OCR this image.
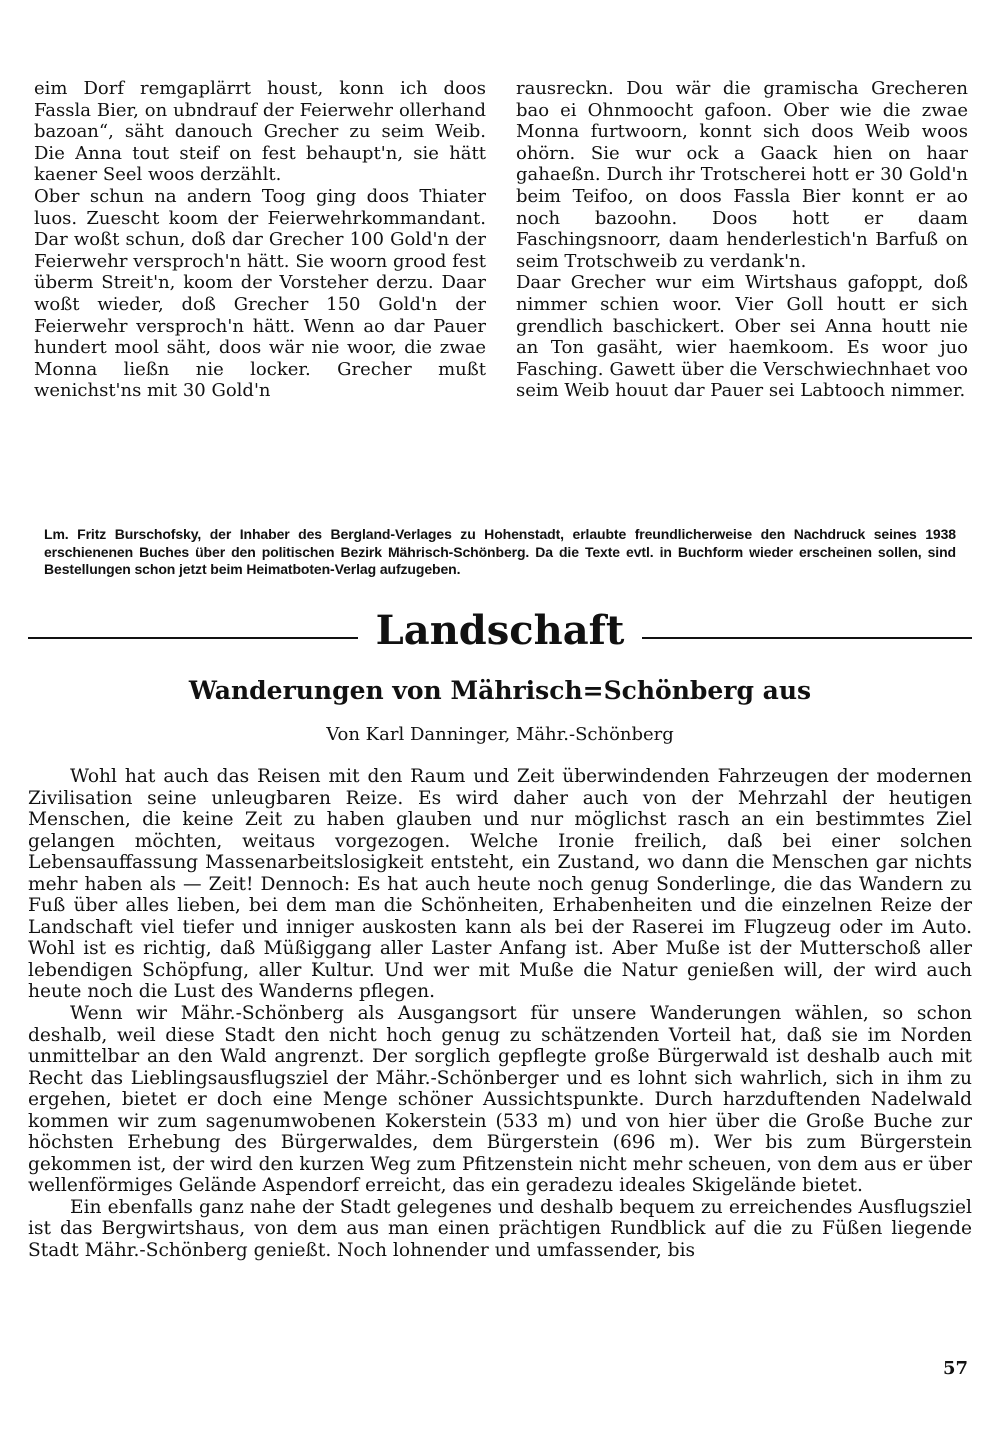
eim Dorf remgaplärrt houst, konn ich doos Fassla Bier, on ubndrauf der Feierwehr ollerhand bazoan“, säht danouch Grecher zu seim Weib. Die Anna tout steif on fest behaupt'n, sie hätt kaener Seel woos derzählt.

Ober schun na andern Toog ging doos Thiater luos. Zuescht koom der Feierwehrkommandant. Dar woßt schun, doß dar Grecher 100 Gold'n der Feierwehr versproch'n hätt. Sie woorn grood fest überm Streit'n, koom der Vorsteher derzu. Daar woßt wieder, doß Grecher 150 Gold'n der Feierwehr versproch'n hätt. Wenn ao dar Pauer hundert mool säht, doos wär nie woor, die zwae Monna ließn nie locker. Grecher mußt wenichst'ns mit 30 Gold'n

rausreckn. Dou wär die gramischa Grecheren bao ei Ohnmoocht gafoon. Ober wie die zwae Monna furtwoorn, konnt sich doos Weib woos ohörn. Sie wur ock a Gaack hien on haar gahaeßn. Durch ihr Trotscherei hott er 30 Gold'n beim Teifoo, on doos Fassla Bier konnt er ao noch bazoohn. Doos hott er daam Faschingsnoorr, daam henderlestich'n Barfuß on seim Trotschweib zu verdank'n.

Daar Grecher wur eim Wirtshaus gafoppt, doß nimmer schien woor. Vier Goll houtt er sich grendlich baschickert. Ober sei Anna houtt nie an Ton gasäht, wier haemkoom. Es woor juo Fasching. Gawett über die Verschwiechnhaet voo seim Weib houut dar Pauer sei Labtooch nimmer.

Lm. Fritz Burschofsky, der Inhaber des Bergland-Verlages zu Hohenstadt, erlaubte freundlicherweise den Nachdruck seines 1938 erschienenen Buches über den politischen Bezirk Mährisch-Schönberg. Da die Texte evtl. in Buchform wieder erscheinen sollen, sind Bestellungen schon jetzt beim Heimatboten-Verlag aufzugeben.
Landschaft
Wanderungen von Mährisch=Schönberg aus
Von Karl Danninger, Mähr.-Schönberg

Wohl hat auch das Reisen mit den Raum und Zeit überwindenden Fahrzeugen der modernen Zivilisation seine unleugbaren Reize. Es wird daher auch von der Mehrzahl der heutigen Menschen, die keine Zeit zu haben glauben und nur möglichst rasch an ein bestimmtes Ziel gelangen möchten, weitaus vorgezogen. Welche Ironie freilich, daß bei einer solchen Lebensauffassung Massenarbeitslosigkeit entsteht, ein Zustand, wo dann die Menschen gar nichts mehr haben als — Zeit! Dennoch: Es hat auch heute noch genug Sonderlinge, die das Wandern zu Fuß über alles lieben, bei dem man die Schönheiten, Erhabenheiten und die einzelnen Reize der Landschaft viel tiefer und inniger auskosten kann als bei der Raserei im Flugzeug oder im Auto. Wohl ist es richtig, daß Müßiggang aller Laster Anfang ist. Aber Muße ist der Mutterschoß aller lebendigen Schöpfung, aller Kultur. Und wer mit Muße die Natur genießen will, der wird auch heute noch die Lust des Wanderns pflegen.

Wenn wir Mähr.-Schönberg als Ausgangsort für unsere Wanderungen wählen, so schon deshalb, weil diese Stadt den nicht hoch genug zu schätzenden Vorteil hat, daß sie im Norden unmittelbar an den Wald angrenzt. Der sorglich gepflegte große Bürgerwald ist deshalb auch mit Recht das Lieblingsausflugsziel der Mähr.-Schönberger und es lohnt sich wahrlich, sich in ihm zu ergehen, bietet er doch eine Menge schöner Aussichtspunkte. Durch harzduftenden Nadelwald kommen wir zum sagenumwobenen Kokerstein (533 m) und von hier über die Große Buche zur höchsten Erhebung des Bürgerwaldes, dem Bürgerstein (696 m). Wer bis zum Bürgerstein gekommen ist, der wird den kurzen Weg zum Pfitzenstein nicht mehr scheuen, von dem aus er über wellenförmiges Gelände Aspendorf erreicht, das ein geradezu ideales Skigelände bietet.

Ein ebenfalls ganz nahe der Stadt gelegenes und deshalb bequem zu erreichendes Ausflugsziel ist das Bergwirtshaus, von dem aus man einen prächtigen Rundblick auf die zu Füßen liegende Stadt Mähr.-Schönberg genießt. Noch lohnender und umfassender, bis

57
